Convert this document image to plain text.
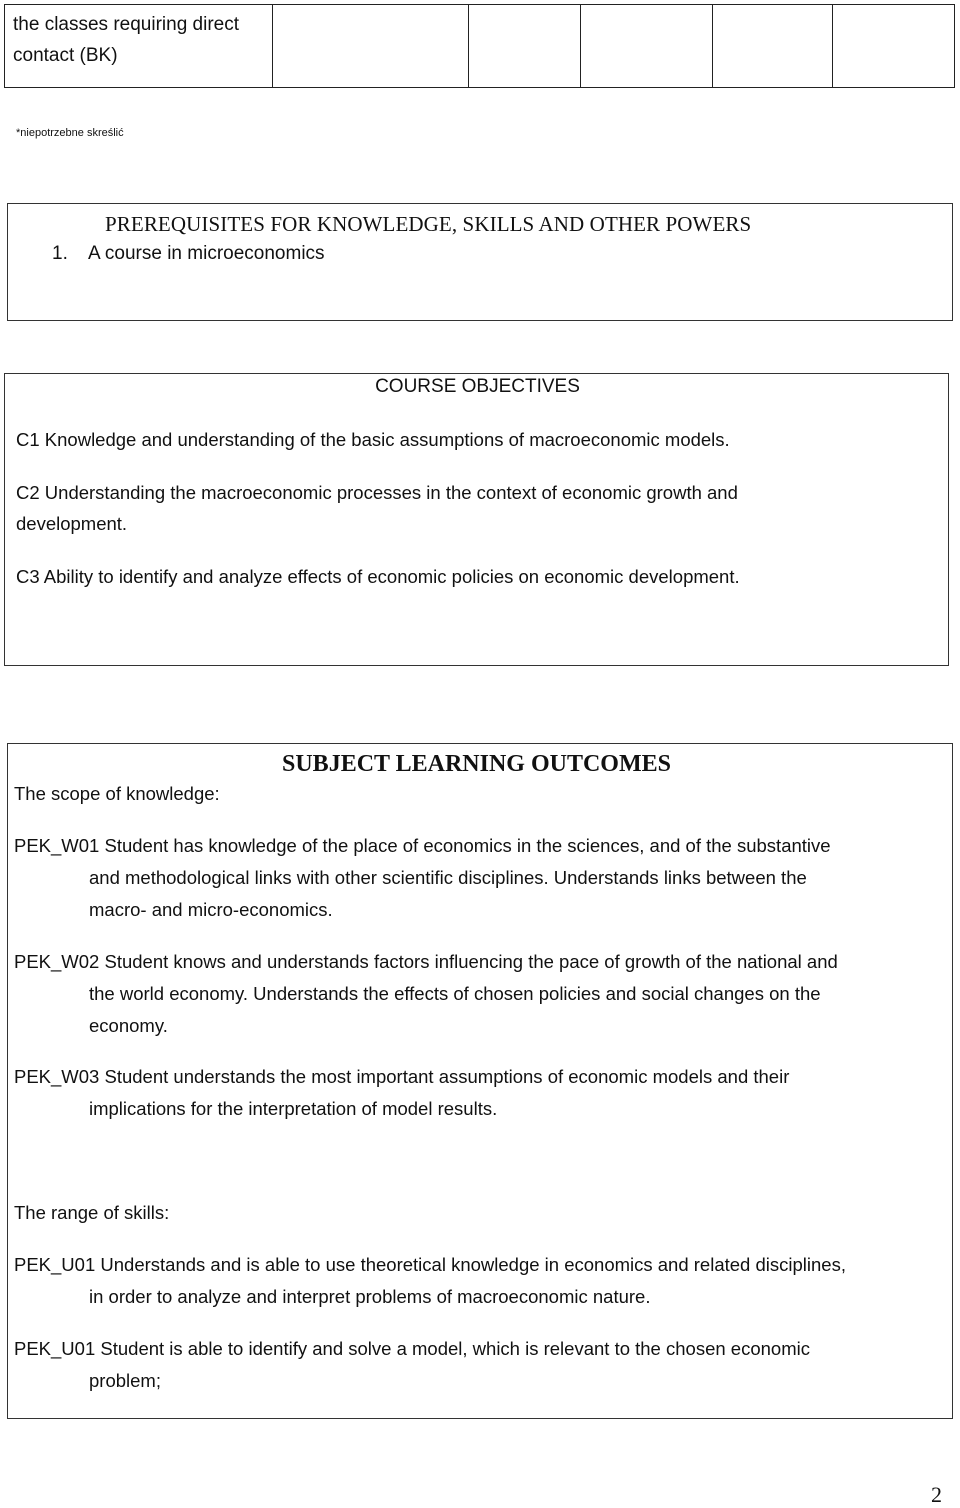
the classes requiring direct
contact (BK)
*niepotrzebne skreślić
PREREQUISITES FOR KNOWLEDGE, SKILLS AND OTHER POWERS
1. A course in microeconomics
COURSE OBJECTIVES
C1 Knowledge and understanding of the basic assumptions of macroeconomic models.
C2 Understanding the macroeconomic processes in the context of economic growth and
development.
C3 Ability to identify and analyze effects of economic policies on economic development.
SUBJECT LEARNING OUTCOMES
The scope of knowledge:
PEK_W01 Student has knowledge of the place of economics in the sciences, and of the substantive
and methodological links with other scientific disciplines. Understands links between the
macro- and micro-economics.
PEK_W02 Student knows and understands factors influencing the pace of growth of the national and
the world economy. Understands the effects of chosen policies and social changes on the
economy.
PEK_W03 Student understands the most important assumptions of economic models and their
implications for the interpretation of model results.
The range of skills:
PEK_U01 Understands and is able to use theoretical knowledge in economics and related disciplines,
in order to analyze and interpret problems of macroeconomic nature.
PEK_U01 Student is able to identify and solve a model, which is relevant to the chosen economic
problem;
2
